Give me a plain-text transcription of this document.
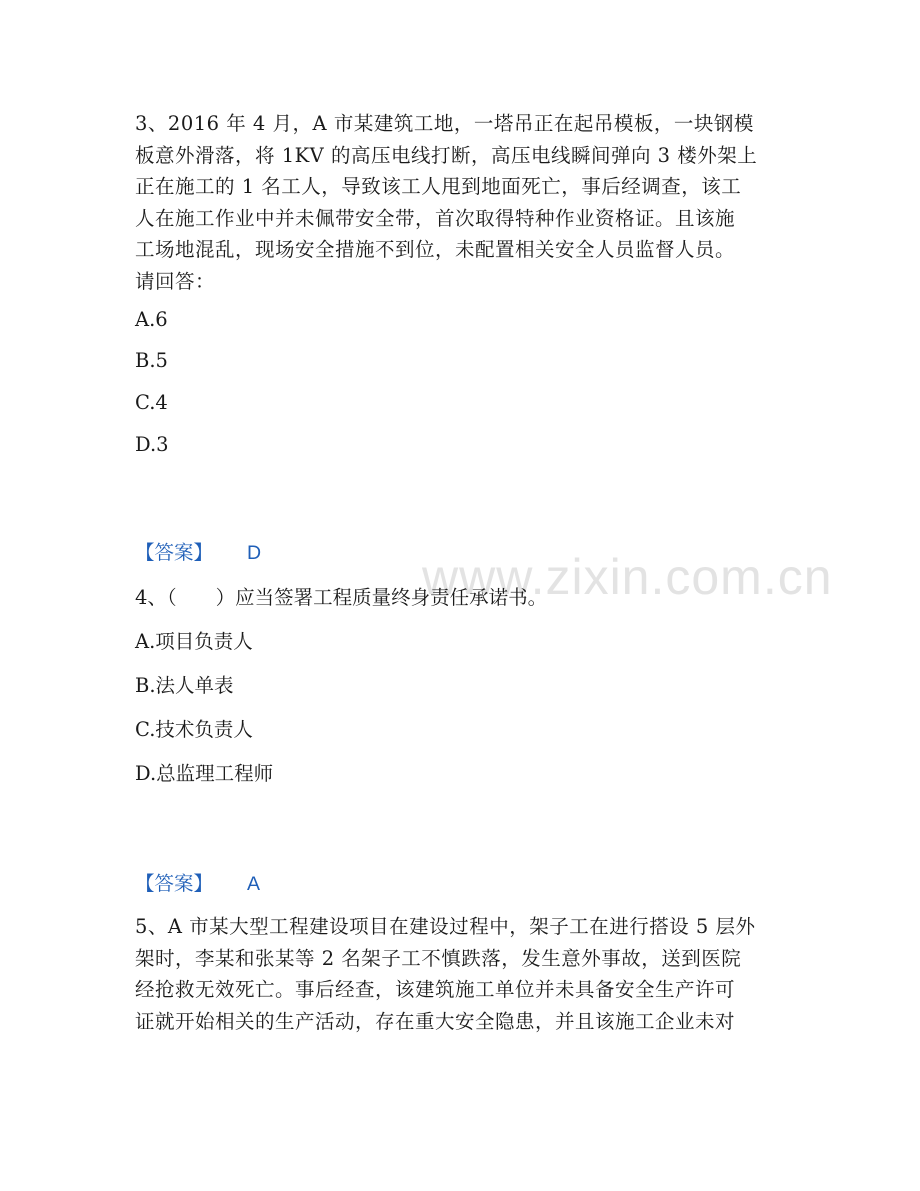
www.zixin.com.cn
3、2016 年 4 月，A 市某建筑工地，一塔吊正在起吊模板，一块钢模
板意外滑落，将 1KV 的高压电线打断，高压电线瞬间弹向 3 楼外架上
正在施工的 1 名工人，导致该工人甩到地面死亡，事后经调查，该工
人在施工作业中并未佩带安全带，首次取得特种作业资格证。且该施
工场地混乱，现场安全措施不到位，未配置相关安全人员监督人员。
请回答：
A.6
B.5
C.4
D.3
【答案】 D
4、（　　）应当签署工程质量终身责任承诺书。
A.项目负责人
B.法人单表
C.技术负责人
D.总监理工程师
【答案】 A
5、A 市某大型工程建设项目在建设过程中，架子工在进行搭设 5 层外
架时，李某和张某等 2 名架子工不慎跌落，发生意外事故，送到医院
经抢救无效死亡。事后经查，该建筑施工单位并未具备安全生产许可
证就开始相关的生产活动，存在重大安全隐患，并且该施工企业未对
